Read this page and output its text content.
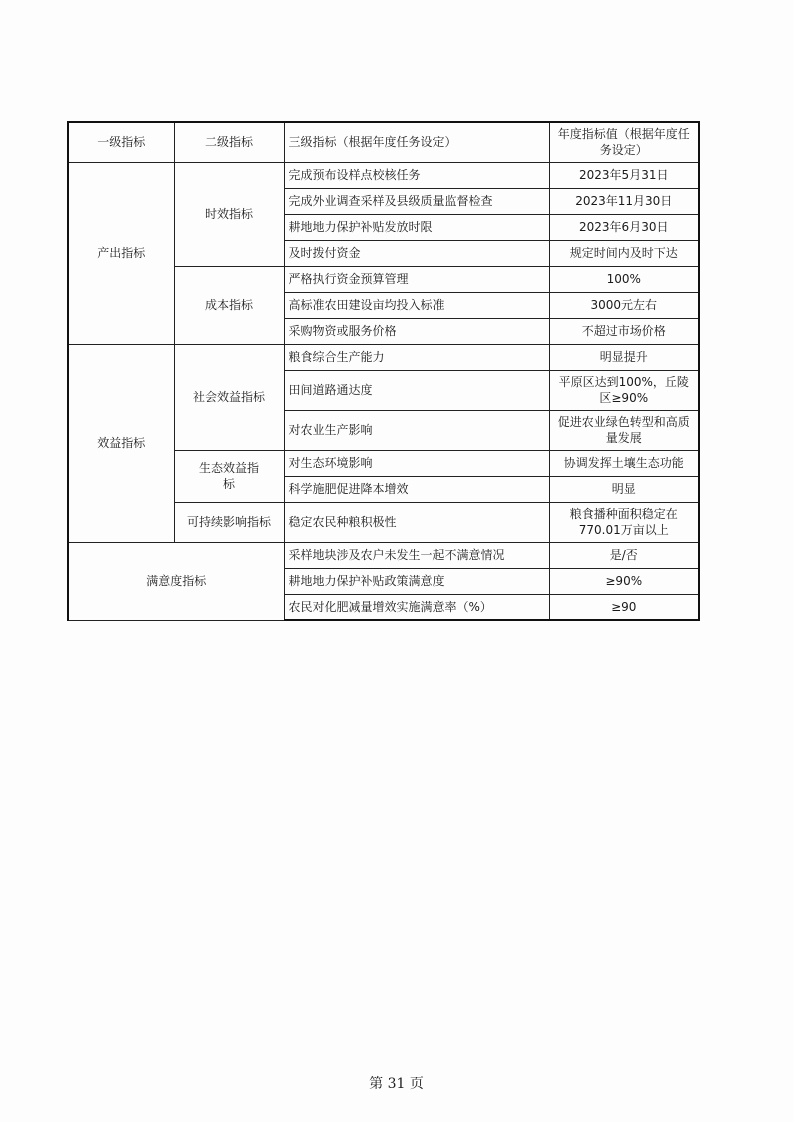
一级指标	二级指标	三级指标（根据年度任务设定）	年度指标值（根据年度任务设定）
产出指标	时效指标	完成预布设样点校核任务	2023年5月31日
		完成外业调查采样及县级质量监督检查	2023年11月30日
		耕地地力保护补贴发放时限	2023年6月30日
		及时拨付资金	规定时间内及时下达
	成本指标	严格执行资金预算管理	100%
		高标准农田建设亩均投入标准	3000元左右
		采购物资或服务价格	不超过市场价格
效益指标	社会效益指标	粮食综合生产能力	明显提升
		田间道路通达度	平原区达到100%，丘陵区≥90%
		对农业生产影响	促进农业绿色转型和高质量发展
	生态效益指标	对生态环境影响	协调发挥土壤生态功能
		科学施肥促进降本增效	明显
	可持续影响指标	稳定农民种粮积极性	粮食播种面积稳定在770.01万亩以上
满意度指标		采样地块涉及农户未发生一起不满意情况	是/否
		耕地地力保护补贴政策满意度	≥90%
		农民对化肥减量增效实施满意率（%）	≥90
第 31 页
